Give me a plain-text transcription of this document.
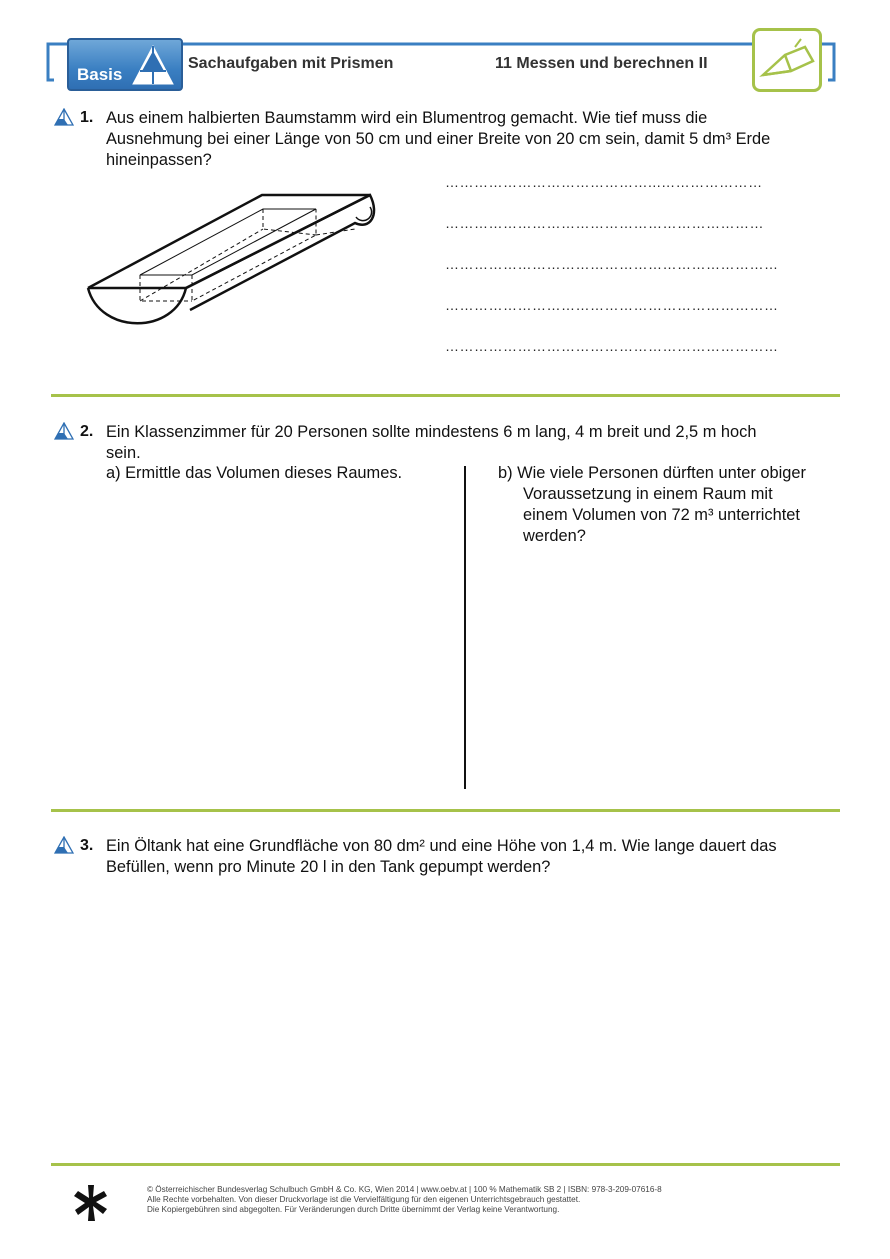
Basis
Sachaufgaben mit Prismen	11 Messen und berechnen II
1. Aus einem halbierten Baumstamm wird ein Blumentrog gemacht. Wie tief muss die
Ausnehmung bei einer Länge von 50 cm und einer Breite von 20 cm sein, damit 5 dm³ Erde
hineinpassen?
……………………………………...…………………
…………………………………………………………
……………………………………………………………
……………………………………………………………
……………………………………………………………
2. Ein Klassenzimmer für 20 Personen sollte mindestens 6 m lang, 4 m breit und 2,5 m hoch
sein.
a) Ermittle das Volumen dieses Raumes.	b) Wie viele Personen dürften unter obiger
Voraussetzung in einem Raum mit
einem Volumen von 72 m³ unterrichtet
werden?
3. Ein Öltank hat eine Grundfläche von 80 dm² und eine Höhe von 1,4 m. Wie lange dauert das
Befüllen, wenn pro Minute 20 l in den Tank gepumpt werden?
© Österreichischer Bundesverlag Schulbuch GmbH & Co. KG, Wien 2014 | www.oebv.at | 100 % Mathematik SB 2 | ISBN: 978-3-209-07616-8
Alle Rechte vorbehalten. Von dieser Druckvorlage ist die Vervielfältigung für den eigenen Unterrichtsgebrauch gestattet.
Die Kopiergebühren sind abgegolten. Für Veränderungen durch Dritte übernimmt der Verlag keine Verantwortung.
